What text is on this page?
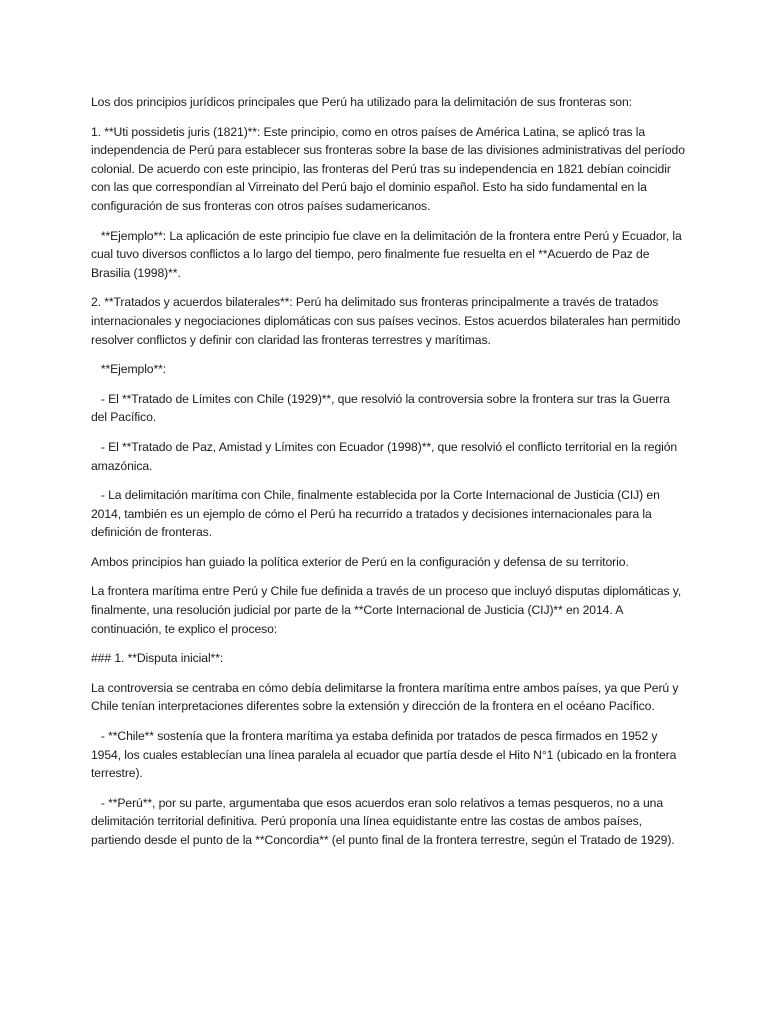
Los dos principios jurídicos principales que Perú ha utilizado para la delimitación de sus fronteras son:

1. **Uti possidetis juris (1821)**: Este principio, como en otros países de América Latina, se aplicó tras la independencia de Perú para establecer sus fronteras sobre la base de las divisiones administrativas del período colonial. De acuerdo con este principio, las fronteras del Perú tras su independencia en 1821 debían coincidir con las que correspondían al Virreinato del Perú bajo el dominio español. Esto ha sido fundamental en la configuración de sus fronteras con otros países sudamericanos.

**Ejemplo**: La aplicación de este principio fue clave en la delimitación de la frontera entre Perú y Ecuador, la cual tuvo diversos conflictos a lo largo del tiempo, pero finalmente fue resuelta en el **Acuerdo de Paz de Brasilia (1998)**.

2. **Tratados y acuerdos bilaterales**: Perú ha delimitado sus fronteras principalmente a través de tratados internacionales y negociaciones diplomáticas con sus países vecinos. Estos acuerdos bilaterales han permitido resolver conflictos y definir con claridad las fronteras terrestres y marítimas.

**Ejemplo**:

- El **Tratado de Límites con Chile (1929)**, que resolvió la controversia sobre la frontera sur tras la Guerra del Pacífico.

- El **Tratado de Paz, Amistad y Límites con Ecuador (1998)**, que resolvió el conflicto territorial en la región amazónica.

- La delimitación marítima con Chile, finalmente establecida por la Corte Internacional de Justicia (CIJ) en 2014, también es un ejemplo de cómo el Perú ha recurrido a tratados y decisiones internacionales para la definición de fronteras.

Ambos principios han guiado la política exterior de Perú en la configuración y defensa de su territorio.

La frontera marítima entre Perú y Chile fue definida a través de un proceso que incluyó disputas diplomáticas y, finalmente, una resolución judicial por parte de la **Corte Internacional de Justicia (CIJ)** en 2014. A continuación, te explico el proceso:

### 1. **Disputa inicial**:

La controversia se centraba en cómo debía delimitarse la frontera marítima entre ambos países, ya que Perú y Chile tenían interpretaciones diferentes sobre la extensión y dirección de la frontera en el océano Pacífico.

- **Chile** sostenía que la frontera marítima ya estaba definida por tratados de pesca firmados en 1952 y 1954, los cuales establecían una línea paralela al ecuador que partía desde el Hito N°1 (ubicado en la frontera terrestre).

- **Perú**, por su parte, argumentaba que esos acuerdos eran solo relativos a temas pesqueros, no a una delimitación territorial definitiva. Perú proponía una línea equidistante entre las costas de ambos países, partiendo desde el punto de la **Concordia** (el punto final de la frontera terrestre, según el Tratado de 1929).
